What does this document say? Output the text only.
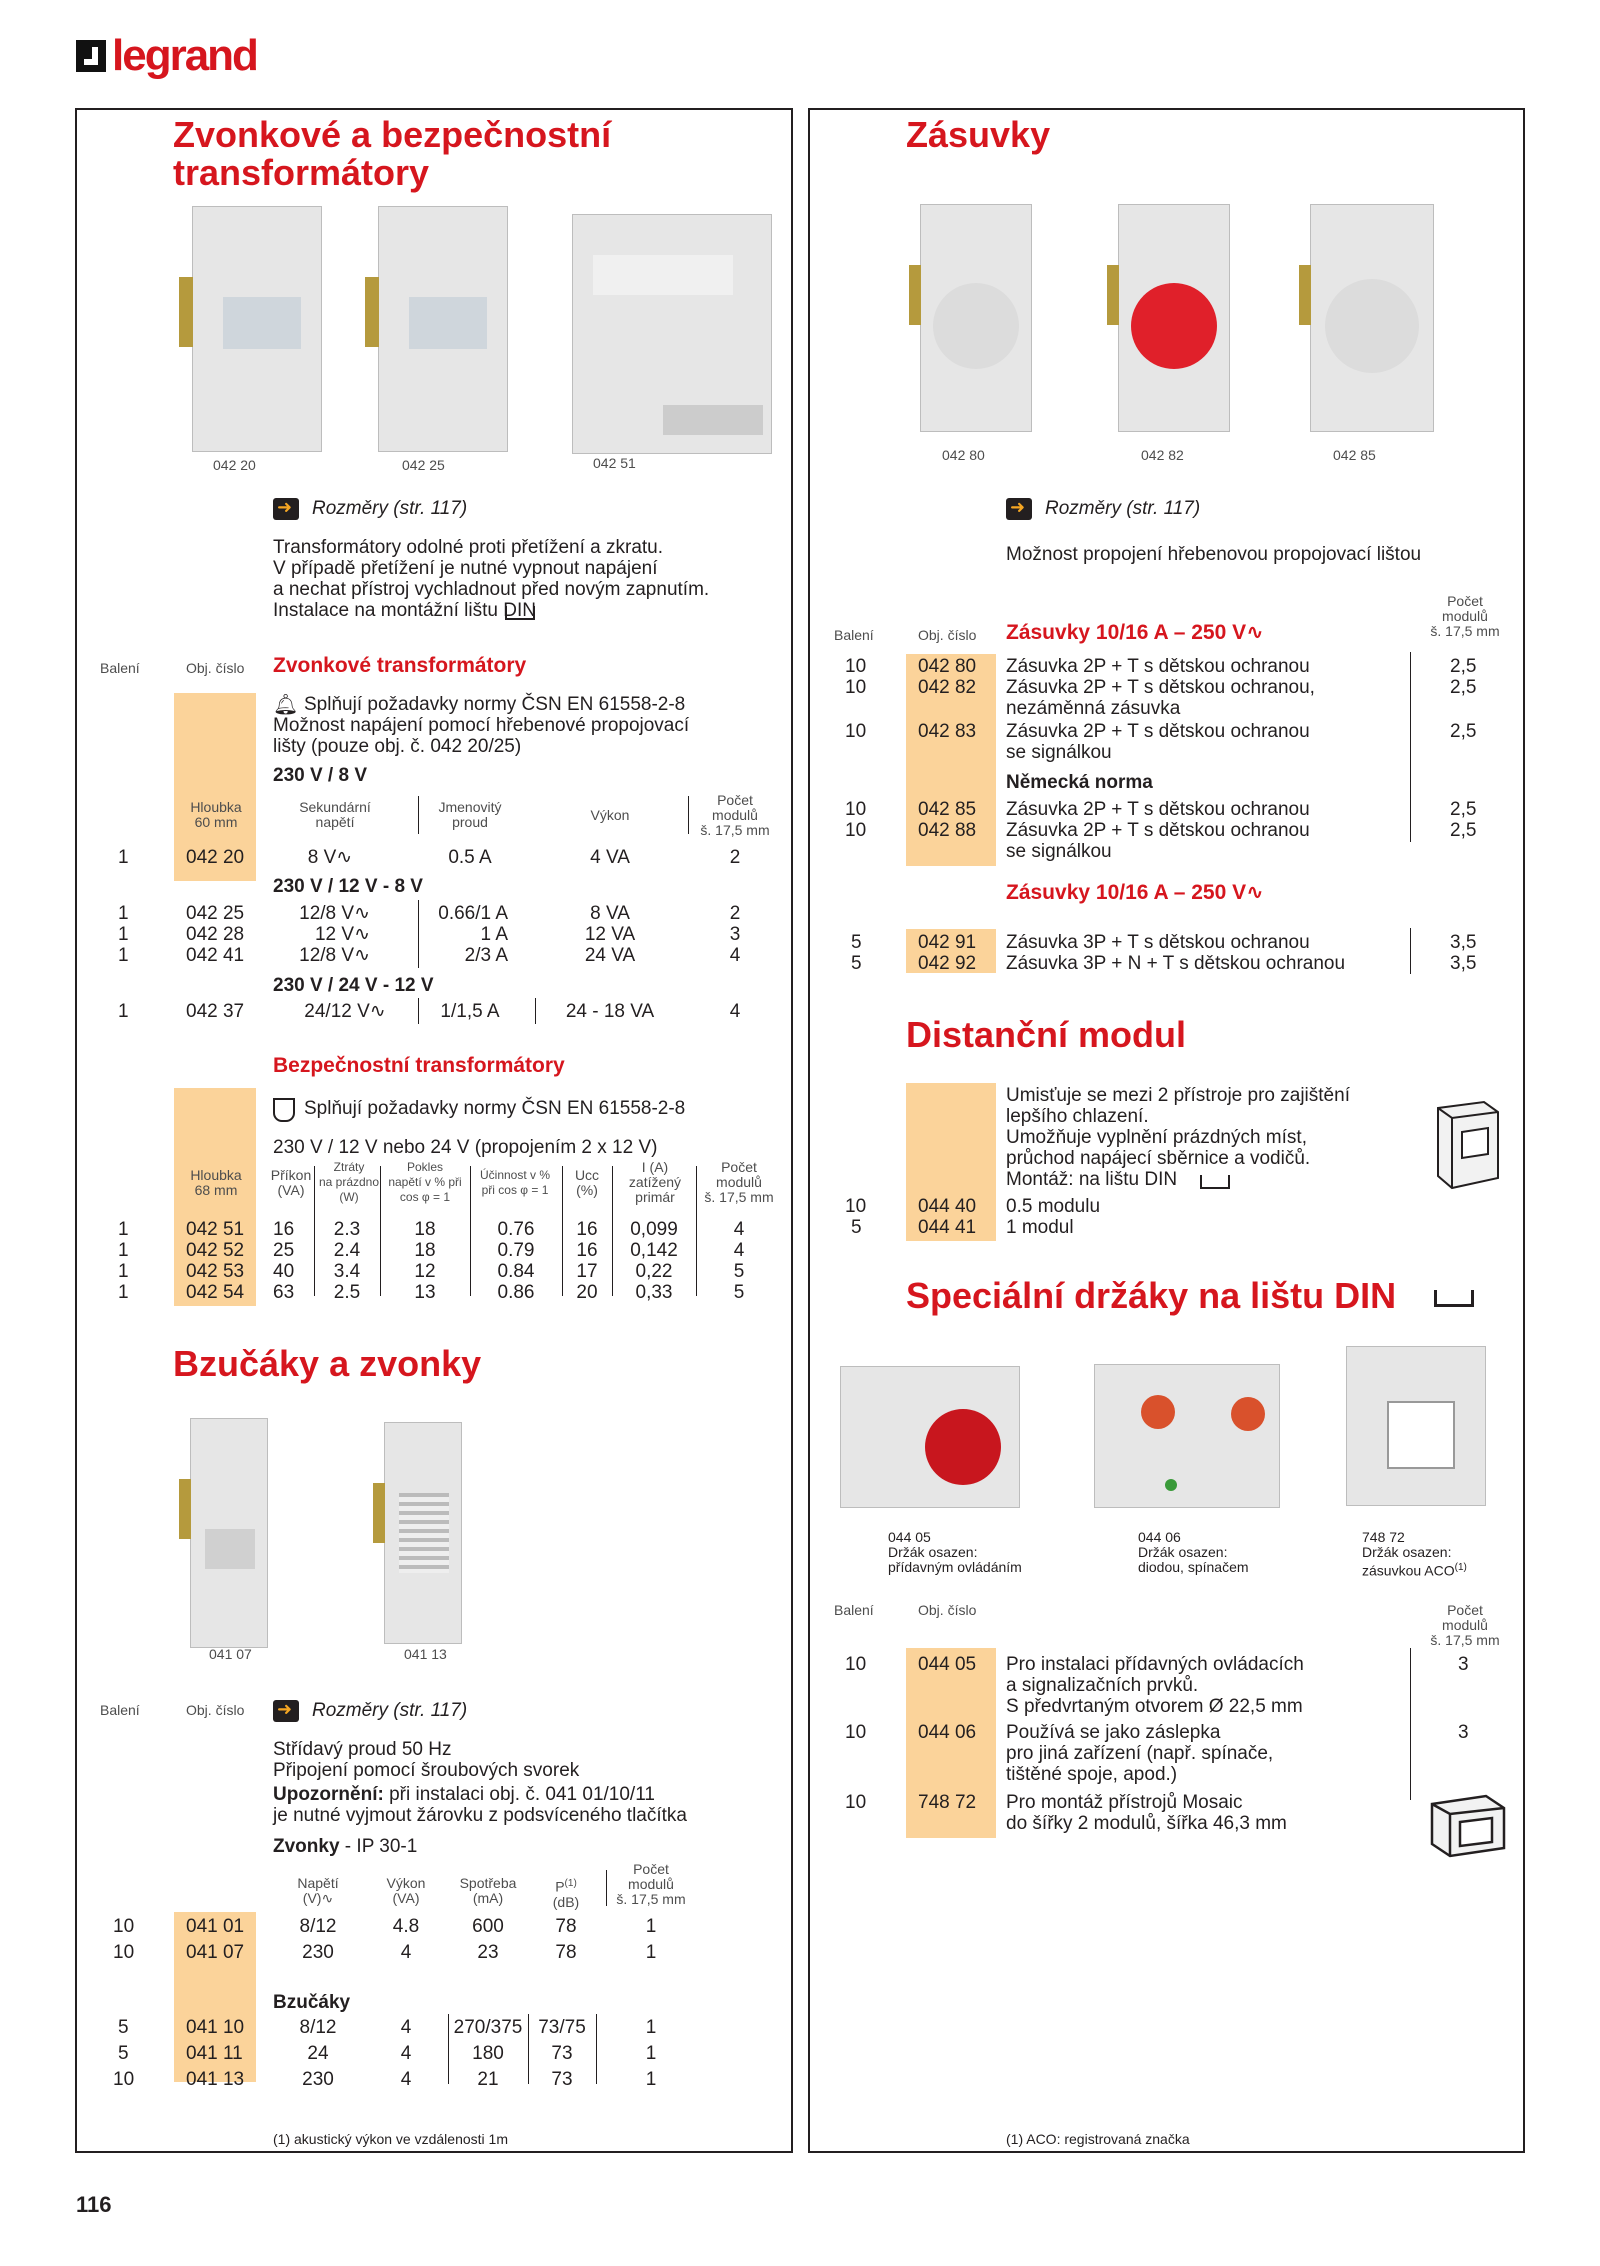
legrand
Zvonkové a bezpečnostní
transformátory
042 20	042 25	042 51
➜
Rozměry (str. 117)
Transformátory odolné proti přetížení a zkratu.
V případě přetížení je nutné vypnout napájení
a nechat přístroj vychladnout před novým zapnutím.
Instalace na montážní lištu DIN
Balení	Obj. číslo Zvonkové transformátory
🔔︎ Splňují požadavky normy ČSN EN 61558-2-8
Možnost napájení pomocí hřebenové propojovací
lišty (pouze obj. č. 042 20/25)
230 V / 8 V
Hloubka
60 mm
Sekundární
napětí
Jmenovitý
proud	Výkon
Počet
modulů
š. 17,5 mm
1	042 20	8 V∿	0.5 A	4 VA	2
230 V / 12 V - 8 V
1	042 25	12/8 V∿	0.66/1 A	8 VA	2
1	042 28	12 V∿	1 A	12 VA	3
1	042 41	12/8 V∿	2/3 A	24 VA	4
230 V / 24 V - 12 V
1	042 37	24/12 V∿	1/1,5 A	24 - 18 VA	4
Bezpečnostní transformátory
Splňují požadavky normy ČSN EN 61558-2-8
230 V / 12 V nebo 24 V (propojením 2 x 12 V)
Hloubka
68 mm
Příkon
(VA)
Ztráty
na prázdno
(W)
Pokles
napětí v % při
cos φ = 1
Účinnost v %
při cos φ = 1
Ucc
(%)
I (A)
zatížený
primár
Počet
modulů
š. 17,5 mm
1	042 51 16	2.3	18	0.76	16	0,099	4
1	042 52 25	2.4	18	0.79	16	0,142	4
1	042 53 40	3.4	12	0.84	17	0,22	5
1	042 54 63	2.5	13	0.86	20	0,33	5
Bzučáky a zvonky
041 07	041 13
Balení	Obj. číslo
➜	Rozměry (str. 117)
Střídavý proud 50 Hz
Připojení pomocí šroubových svorek
Upozornění: při instalaci obj. č. 041 01/10/11
je nutné vyjmout žárovku z podsvíceného tlačítka
Zvonky - IP 30-1
Napětí
(V)∿
Výkon
(VA)
Spotřeba
(mA)
$P^{(1)}$
(dB)
Počet
modulů
š. 17,5 mm
10	041 01	8/12	4.8	600	78	1
10	041 07	230	4	23	78	1
Bzučáky
5	041 10	8/12	4	270/375 73/75	1
5	041 11	24	4	180	73	1
10	041 13	230	4	21	73	1
(1) akustický výkon ve vzdálenosti 1m
Zásuvky
042 80	042 82	042 85
➜
Rozměry (str. 117)
Možnost propojení hřebenovou propojovací lištou
Počet
modulů
š. 17,5 mm
Balení	Obj. číslo Zásuvky 10/16 A – 250 V∿
10	042 80 Zásuvka 2P + T s dětskou ochranou	2,5
10	042 82 Zásuvka 2P + T s dětskou ochranou,
nezáměnná zásuvka
2,5
10	042 83 Zásuvka 2P + T s dětskou ochranou
se signálkou
2,5
Německá norma
10	042 85 Zásuvka 2P + T s dětskou ochranou	2,5
10	042 88 Zásuvka 2P + T s dětskou ochranou
se signálkou
2,5
Zásuvky 10/16 A – 250 V∿
5	042 91 Zásuvka 3P + T s dětskou ochranou	3,5
5	042 92 Zásuvka 3P + N + T s dětskou ochranou	3,5
Distanční modul
Umisťuje se mezi 2 přístroje pro zajištění
lepšího chlazení.
Umožňuje vyplnění prázdných míst,
průchod napájecí sběrnice a vodičů.
Montáž: na lištu DIN
10	044 40 0.5 modulu
5	044 41 1 modul
Speciální držáky na lištu DIN
044 05
Držák osazen:
přídavným ovládáním
044 06
Držák osazen:
diodou, spínačem
748 72
Držák osazen:
zásuvkou ACO$^{(1)}$
Balení	Obj. číslo	Počet
modulů
š. 17,5 mm
10	044 05 Pro instalaci přídavných ovládacích
a signalizačních prvků.
S předvrtaným otvorem Ø 22,5 mm
3
10	044 06 Používá se jako záslepka
pro jiná zařízení (např. spínače,
tištěné spoje, apod.)
3
10	748 72 Pro montáž přístrojů Mosaic
do šířky 2 modulů, šířka 46,3 mm
(1) ACO: registrovaná značka
116
